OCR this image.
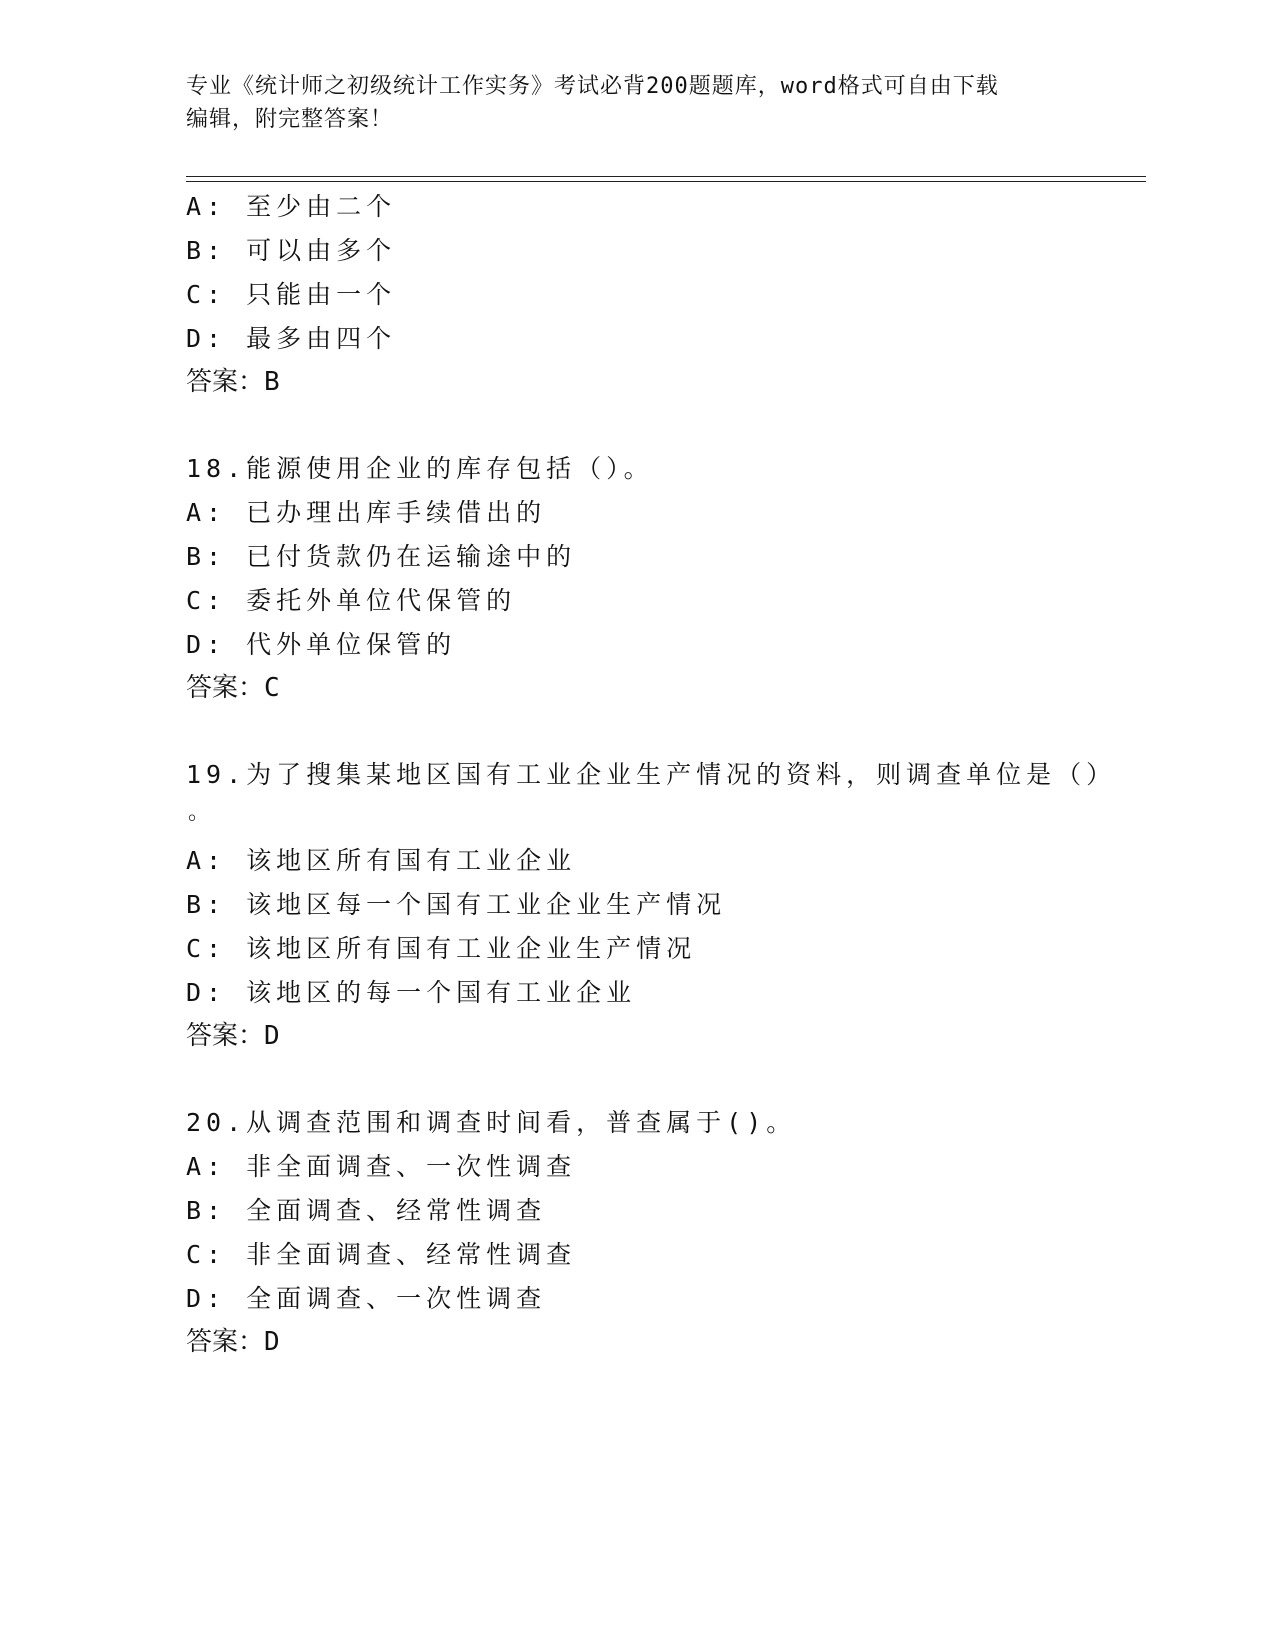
专业《统计师之初级统计工作实务》考试必背200题题库，word格式可自由下载
编辑，附完整答案！
A: 至少由二个
B: 可以由多个
C: 只能由一个
D: 最多由四个
答案：B
18.能源使用企业的库存包括（）。
A: 已办理出库手续借出的
B: 已付货款仍在运输途中的
C: 委托外单位代保管的
D: 代外单位保管的
答案：C
19.为了搜集某地区国有工业企业生产情况的资料，则调查单位是（）
。
A: 该地区所有国有工业企业
B: 该地区每一个国有工业企业生产情况
C: 该地区所有国有工业企业生产情况
D: 该地区的每一个国有工业企业
答案：D
20.从调查范围和调查时间看，普查属于()。
A: 非全面调查、一次性调查
B: 全面调查、经常性调查
C: 非全面调查、经常性调查
D: 全面调查、一次性调查
答案：D
